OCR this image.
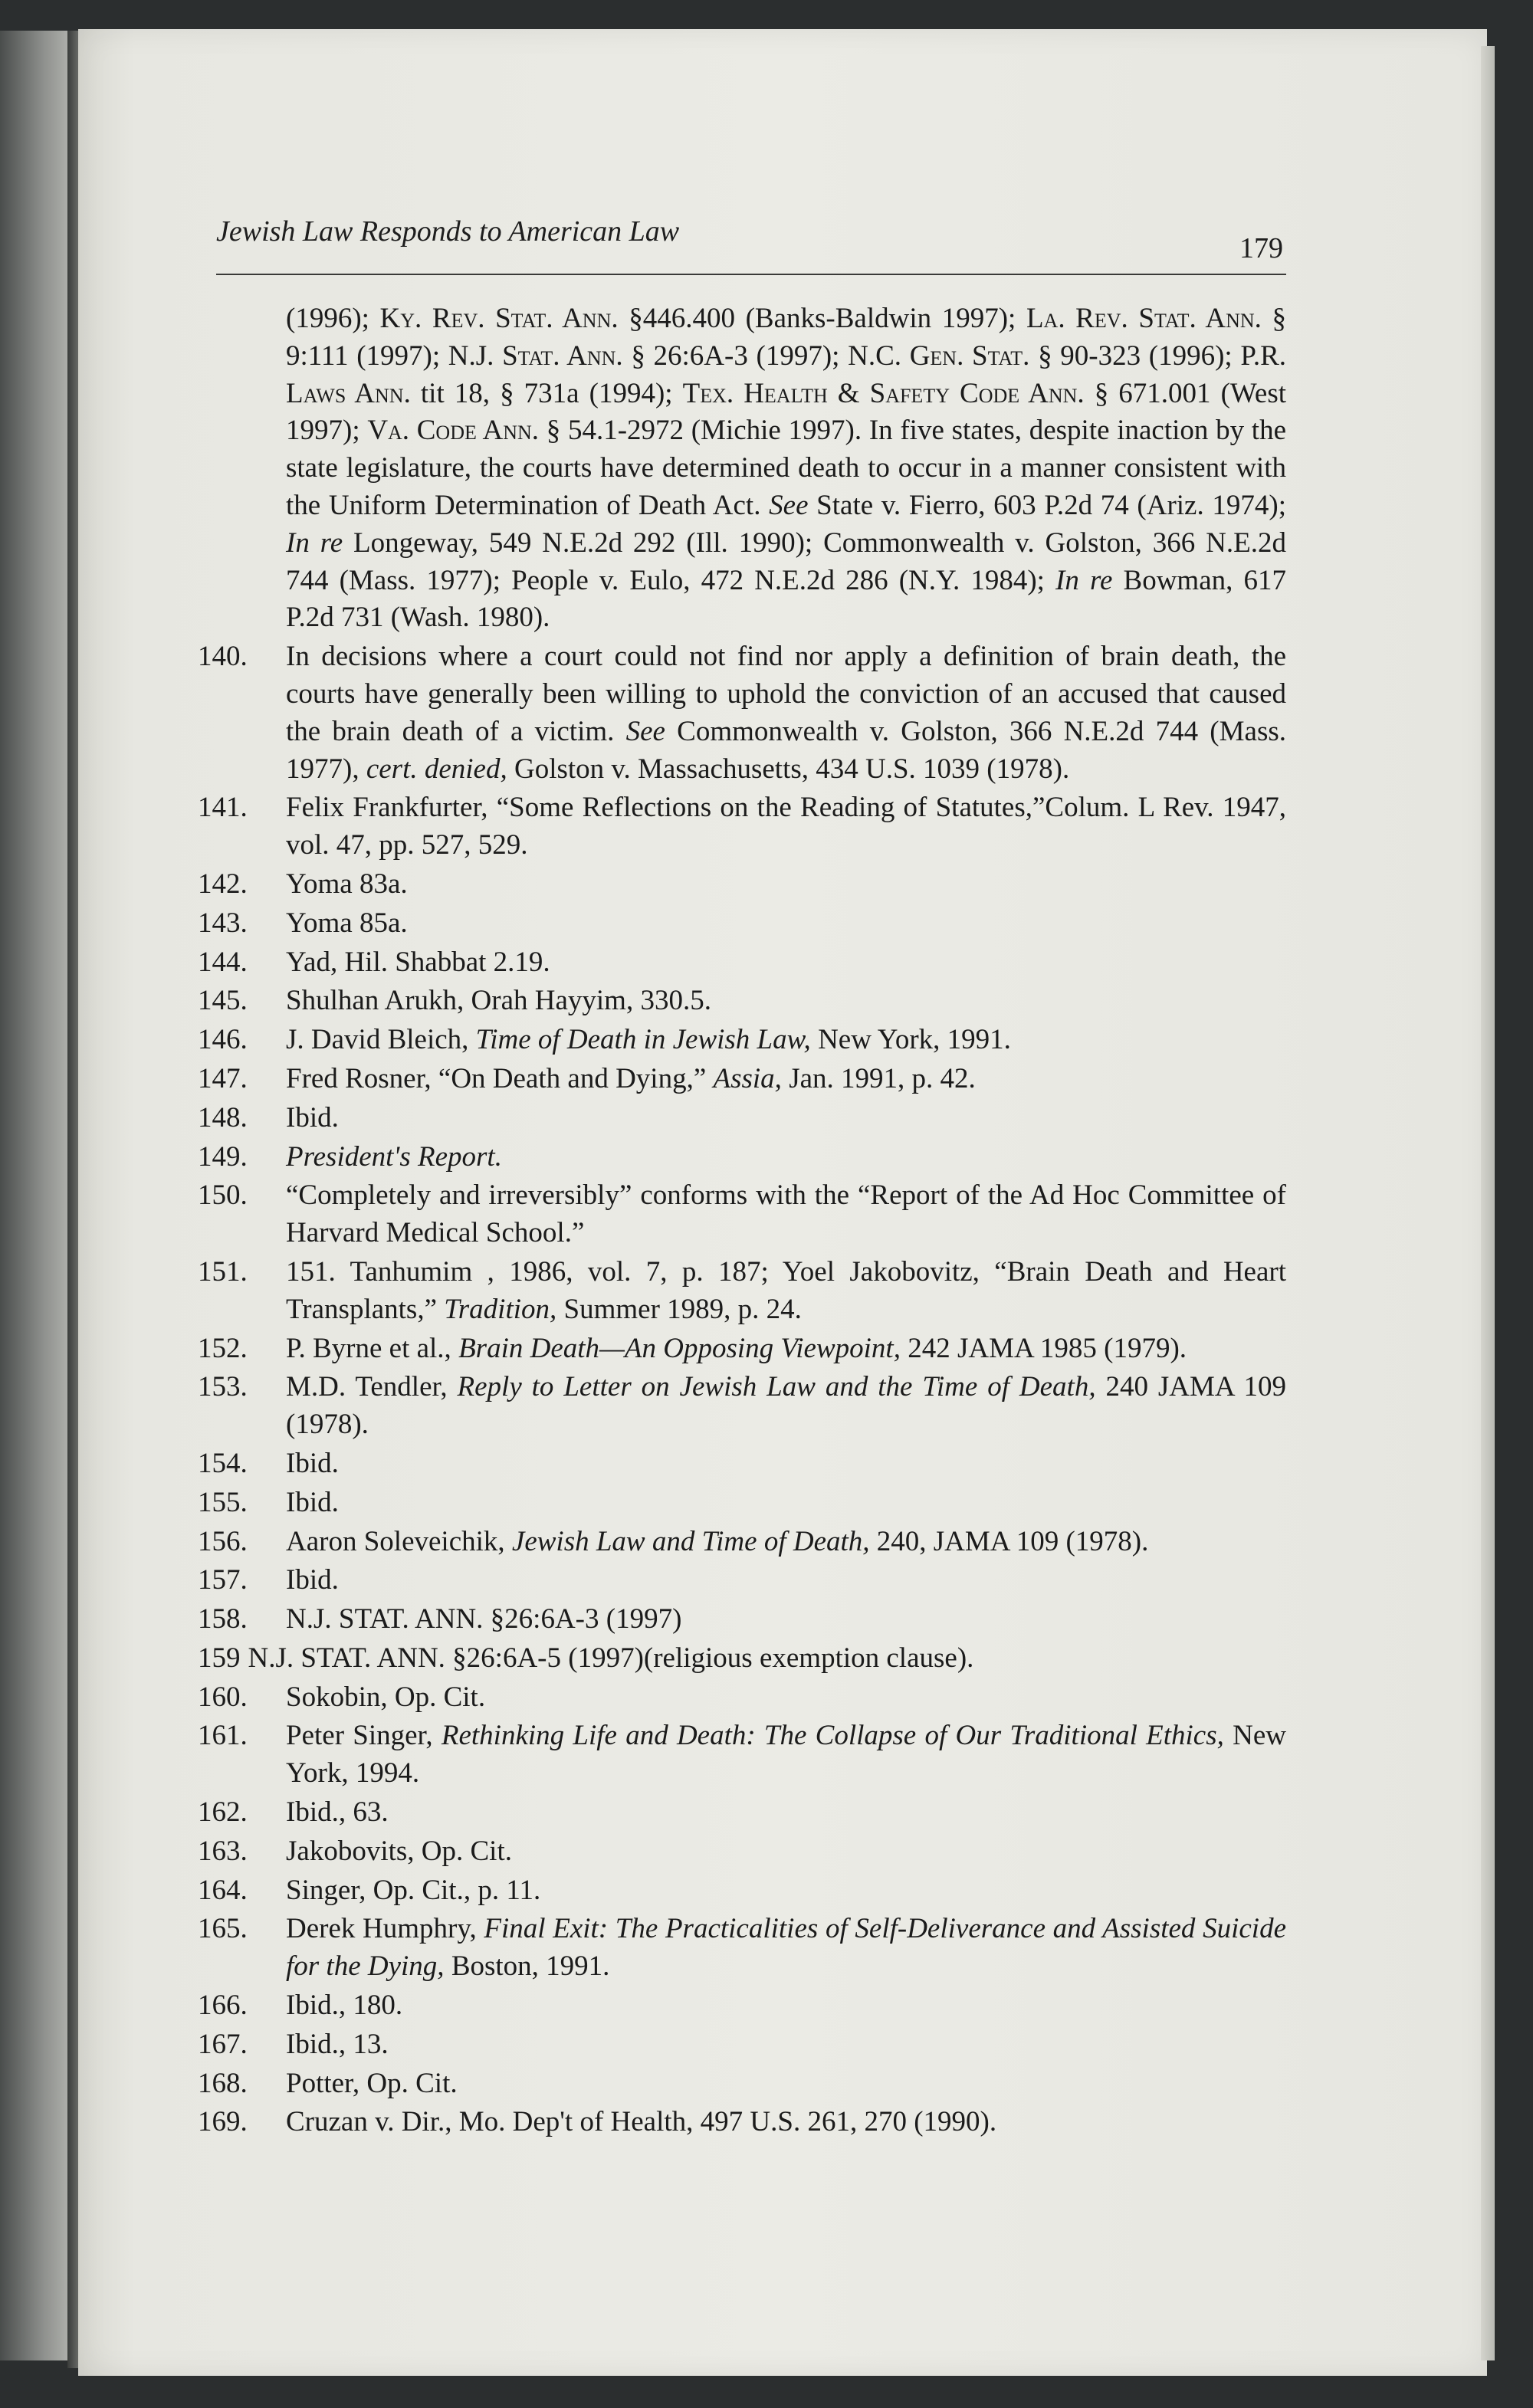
Jewish Law Responds to American Law
179
(1996); Ky. Rev. Stat. Ann. §446.400 (Banks-Baldwin 1997); La. Rev. Stat. Ann. § 9:111 (1997); N.J. Stat. Ann. § 26:6A-3 (1997); N.C. Gen. Stat. § 90-323 (1996); P.R. Laws Ann. tit 18, § 731a (1994); Tex. Health & Safety Code Ann. § 671.001 (West 1997); Va. Code Ann. § 54.1-2972 (Michie 1997). In five states, despite inaction by the state legislature, the courts have determined death to occur in a manner consistent with the Uniform Determination of Death Act. See State v. Fierro, 603 P.2d 74 (Ariz. 1974); In re Longeway, 549 N.E.2d 292 (Ill. 1990); Commonwealth v. Golston, 366 N.E.2d 744 (Mass. 1977); People v. Eulo, 472 N.E.2d 286 (N.Y. 1984); In re Bowman, 617 P.2d 731 (Wash. 1980).
140.	In decisions where a court could not find nor apply a definition of brain death, the courts have generally been willing to uphold the conviction of an accused that caused the brain death of a victim. See Commonwealth v. Golston, 366 N.E.2d 744 (Mass. 1977), cert. denied, Golston v. Massachusetts, 434 U.S. 1039 (1978).
141.	Felix Frankfurter, “Some Reflections on the Reading of Statutes,”Colum. L Rev. 1947, vol. 47, pp. 527, 529.
142.	Yoma 83a.
143.	Yoma 85a.
144.	Yad, Hil. Shabbat 2.19.
145.	Shulhan Arukh, Orah Hayyim, 330.5.
146.	J. David Bleich, Time of Death in Jewish Law, New York, 1991.
147.	Fred Rosner, “On Death and Dying,” Assia, Jan. 1991, p. 42.
148.	Ibid.
149.	President's Report.
150.	“Completely and irreversibly” conforms with the “Report of the Ad Hoc Committee of Harvard Medical School.”
151.	151. Tanhumim , 1986, vol. 7, p. 187; Yoel Jakobovitz, “Brain Death and Heart Transplants,” Tradition, Summer 1989, p. 24.
152.	P. Byrne et al., Brain Death—An Opposing Viewpoint, 242 JAMA 1985 (1979).
153.	M.D. Tendler, Reply to Letter on Jewish Law and the Time of Death, 240 JAMA 109 (1978).
154.	Ibid.
155.	Ibid.
156.	Aaron Soleveichik, Jewish Law and Time of Death, 240, JAMA 109 (1978).
157.	Ibid.
158.	N.J. STAT. ANN. §26:6A-3 (1997)
159 N.J. STAT. ANN. §26:6A-5 (1997)(religious exemption clause).
160.	Sokobin, Op. Cit.
161.	Peter Singer, Rethinking Life and Death: The Collapse of Our Traditional Ethics, New York, 1994.
162.	Ibid., 63.
163.	Jakobovits, Op. Cit.
164.	Singer, Op. Cit., p. 11.
165.	Derek Humphry, Final Exit: The Practicalities of Self-Deliverance and Assisted Suicide for the Dying, Boston, 1991.
166.	Ibid., 180.
167.	Ibid., 13.
168.	Potter, Op. Cit.
169.	Cruzan v. Dir., Mo. Dep't of Health, 497 U.S. 261, 270 (1990).
